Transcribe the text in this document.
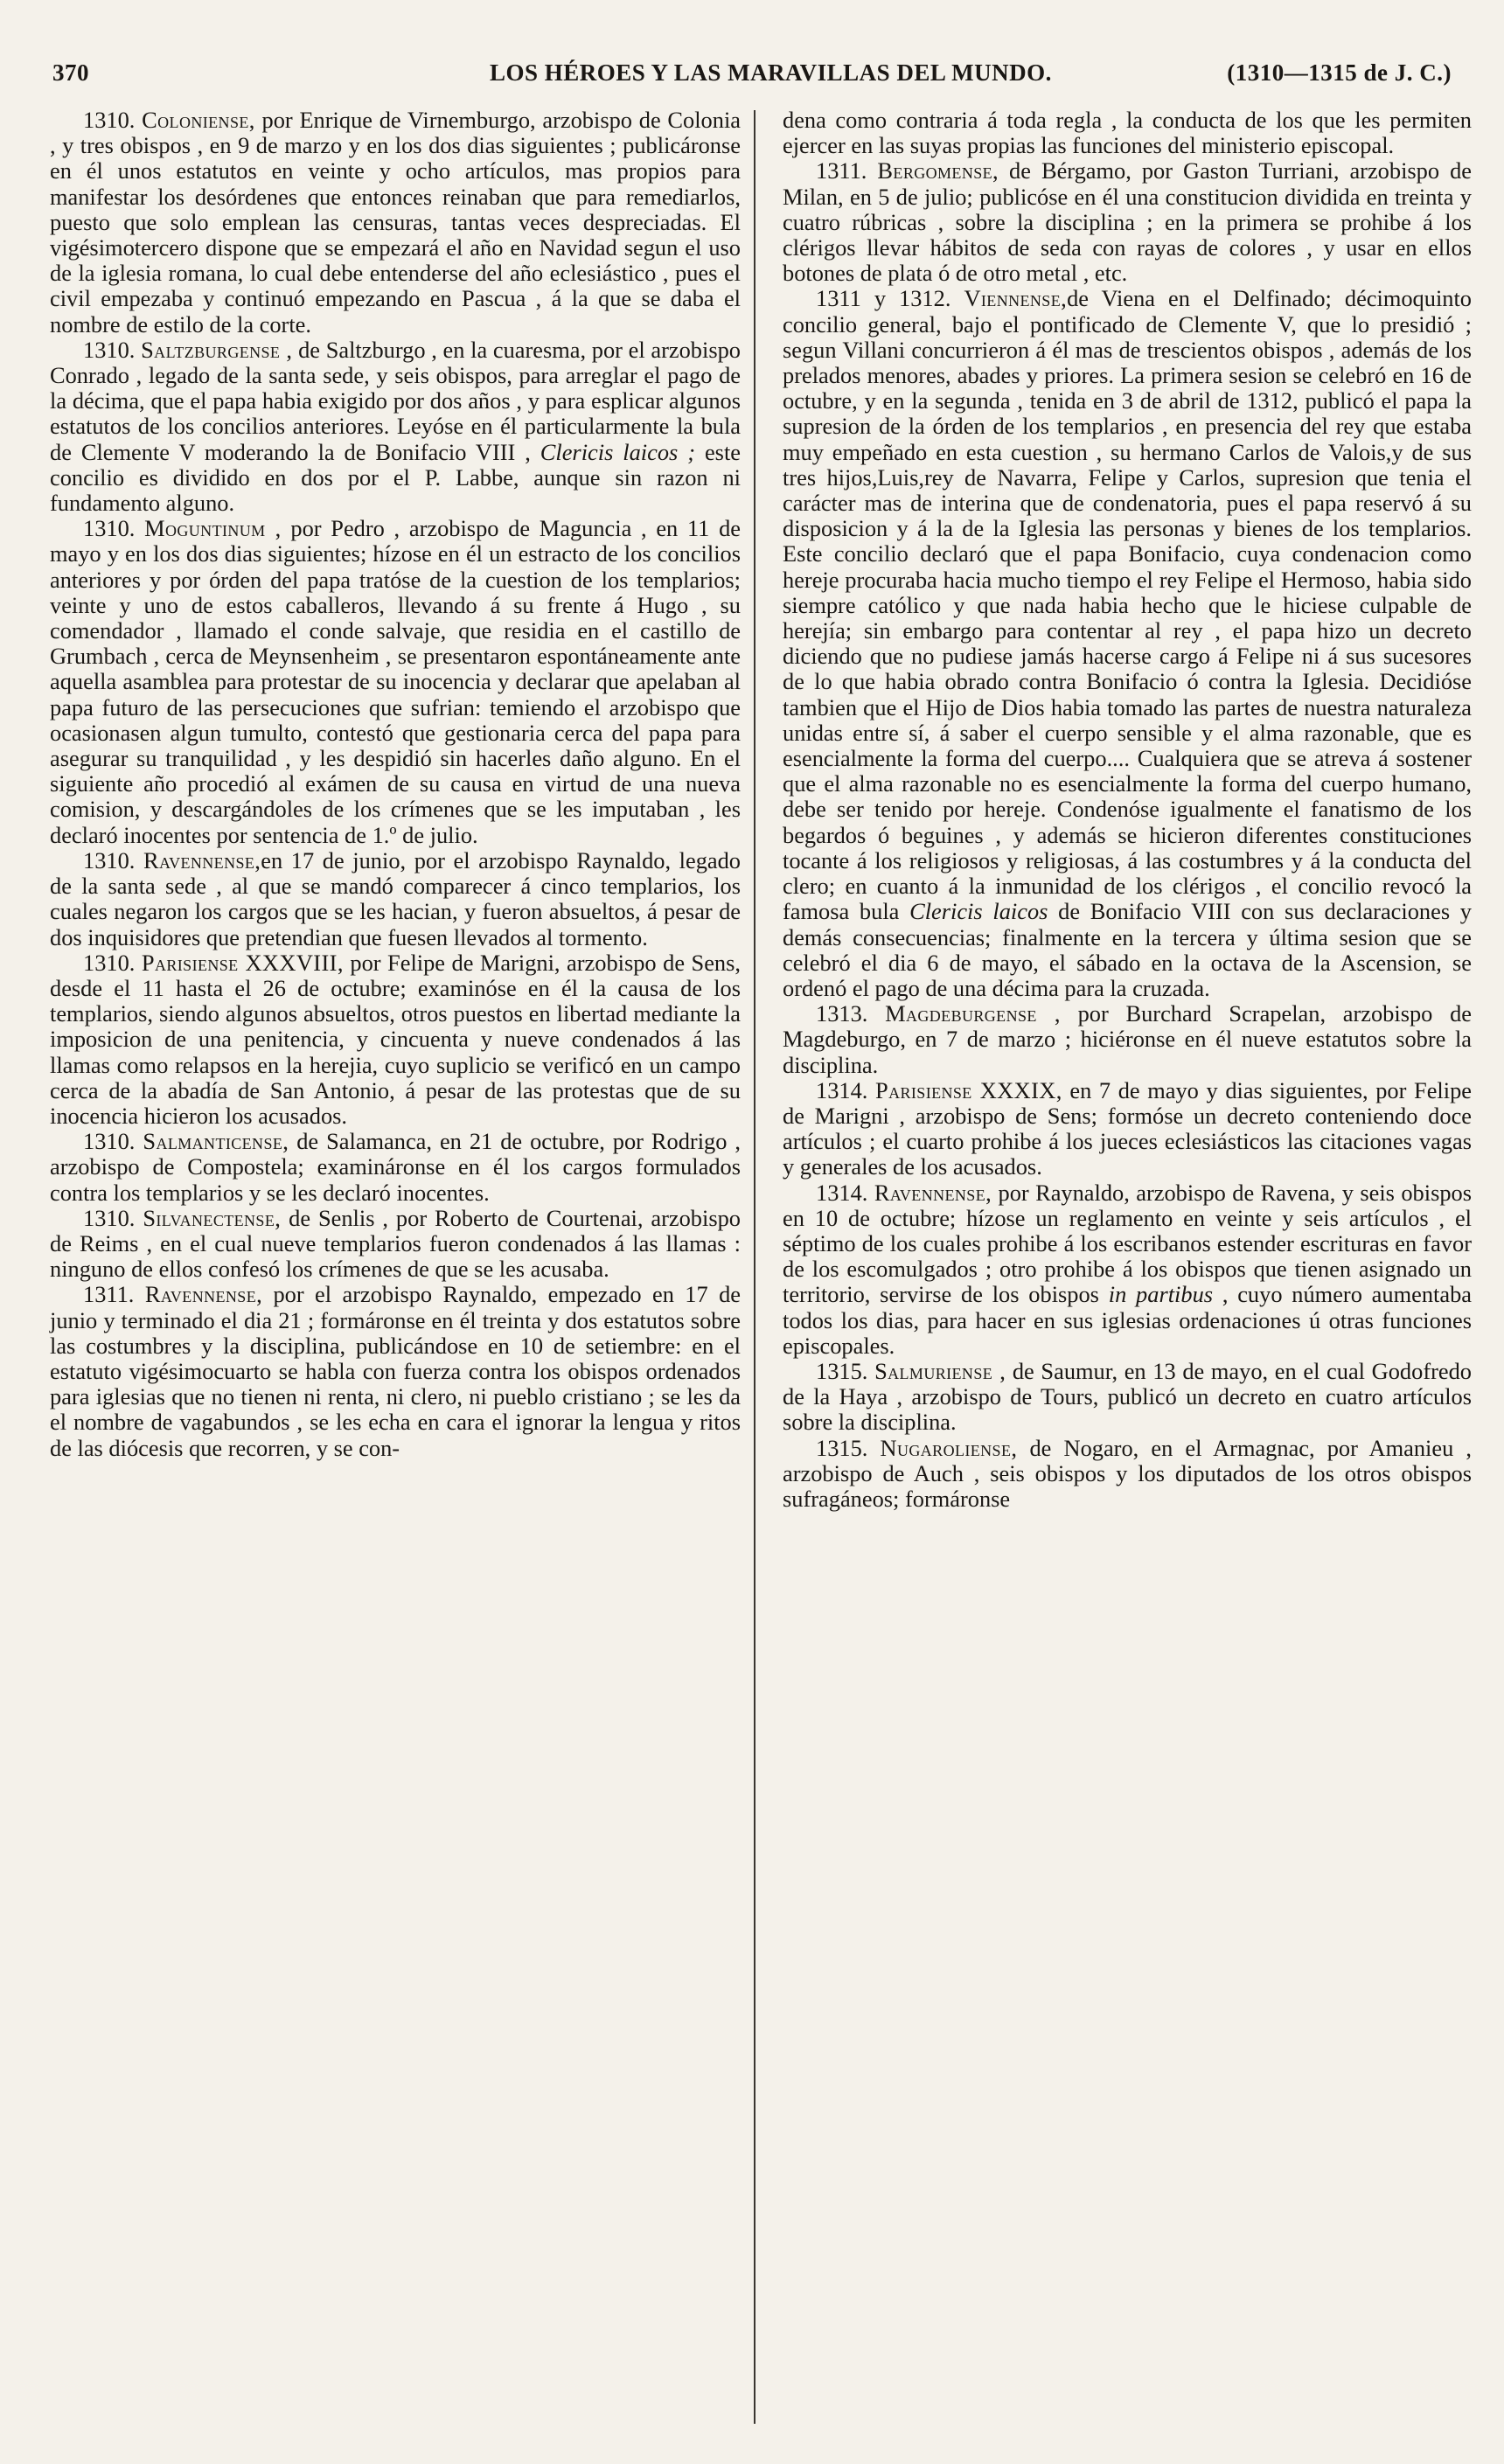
370	LOS HÉROES Y LAS MARAVILLAS DEL MUNDO.	(1310—1315 de J. C.)

1310. Coloniense, por Enrique de Virnemburgo, arzobispo de Colonia , y tres obispos , en 9 de marzo y en los dos dias siguientes ; publicáronse en él unos estatutos en veinte y ocho artículos, mas propios para manifestar los desórdenes que entonces reinaban que para remediarlos, puesto que solo emplean las censuras, tantas veces despreciadas. El vigésimotercero dispone que se empezará el año en Navidad segun el uso de la iglesia romana, lo cual debe entenderse del año eclesiástico , pues el civil empezaba y continuó empezando en Pascua , á la que se daba el nombre de estilo de la corte.

1310. Saltzburgense , de Saltzburgo , en la cuaresma, por el arzobispo Conrado , legado de la santa sede, y seis obispos, para arreglar el pago de la décima, que el papa habia exigido por dos años , y para esplicar algunos estatutos de los concilios anteriores. Leyóse en él particularmente la bula de Clemente V moderando la de Bonifacio VIII , Clericis laicos ; este concilio es dividido en dos por el P. Labbe, aunque sin razon ni fundamento alguno.

1310. Moguntinum , por Pedro , arzobispo de Maguncia , en 11 de mayo y en los dos dias siguientes; hízose en él un estracto de los concilios anteriores y por órden del papa tratóse de la cuestion de los templarios; veinte y uno de estos caballeros, llevando á su frente á Hugo , su comendador , llamado el conde salvaje, que residia en el castillo de Grumbach , cerca de Meynsenheim , se presentaron espontáneamente ante aquella asamblea para protestar de su inocencia y declarar que apelaban al papa futuro de las persecuciones que sufrian: temiendo el arzobispo que ocasionasen algun tumulto, contestó que gestionaria cerca del papa para asegurar su tranquilidad , y les despidió sin hacerles daño alguno. En el siguiente año procedió al exámen de su causa en virtud de una nueva comision, y descargándoles de los crímenes que se les imputaban , les declaró inocentes por sentencia de 1.º de julio.

1310. Ravennense,en 17 de junio, por el arzobispo Raynaldo, legado de la santa sede , al que se mandó comparecer á cinco templarios, los cuales negaron los cargos que se les hacian, y fueron absueltos, á pesar de dos inquisidores que pretendian que fuesen llevados al tormento.

1310. Parisiense XXXVIII, por Felipe de Marigni, arzobispo de Sens, desde el 11 hasta el 26 de octubre; examinóse en él la causa de los templarios, siendo algunos absueltos, otros puestos en libertad mediante la imposicion de una penitencia, y cincuenta y nueve condenados á las llamas como relapsos en la herejia, cuyo suplicio se verificó en un campo cerca de la abadía de San Antonio, á pesar de las protestas que de su inocencia hicieron los acusados.

1310. Salmanticense, de Salamanca, en 21 de octubre, por Rodrigo , arzobispo de Compostela; examináronse en él los cargos formulados contra los templarios y se les declaró inocentes.

1310. Silvanectense, de Senlis , por Roberto de Courtenai, arzobispo de Reims , en el cual nueve templarios fueron condenados á las llamas : ninguno de ellos confesó los crímenes de que se les acusaba.

1311. Ravennense, por el arzobispo Raynaldo, empezado en 17 de junio y terminado el dia 21 ; formáronse en él treinta y dos estatutos sobre las costumbres y la disciplina, publicándose en 10 de setiembre: en el estatuto vigésimocuarto se habla con fuerza contra los obispos ordenados para iglesias que no tienen ni renta, ni clero, ni pueblo cristiano ; se les da el nombre de vagabundos , se les echa en cara el ignorar la lengua y ritos de las diócesis que recorren, y se con-

dena como contraria á toda regla , la conducta de los que les permiten ejercer en las suyas propias las funciones del ministerio episcopal.

1311. Bergomense, de Bérgamo, por Gaston Turriani, arzobispo de Milan, en 5 de julio; publicóse en él una constitucion dividida en treinta y cuatro rúbricas , sobre la disciplina ; en la primera se prohibe á los clérigos llevar hábitos de seda con rayas de colores , y usar en ellos botones de plata ó de otro metal , etc.

1311 y 1312. Viennense,de Viena en el Delfinado; décimoquinto concilio general, bajo el pontificado de Clemente V, que lo presidió ; segun Villani concurrieron á él mas de trescientos obispos , además de los prelados menores, abades y priores. La primera sesion se celebró en 16 de octubre, y en la segunda , tenida en 3 de abril de 1312, publicó el papa la supresion de la órden de los templarios , en presencia del rey que estaba muy empeñado en esta cuestion , su hermano Carlos de Valois,y de sus tres hijos,Luis,rey de Navarra, Felipe y Carlos, supresion que tenia el carácter mas de interina que de condenatoria, pues el papa reservó á su disposicion y á la de la Iglesia las personas y bienes de los templarios. Este concilio declaró que el papa Bonifacio, cuya condenacion como hereje procuraba hacia mucho tiempo el rey Felipe el Hermoso, habia sido siempre católico y que nada habia hecho que le hiciese culpable de herejía; sin embargo para contentar al rey , el papa hizo un decreto diciendo que no pudiese jamás hacerse cargo á Felipe ni á sus sucesores de lo que habia obrado contra Bonifacio ó contra la Iglesia. Decidióse tambien que el Hijo de Dios habia tomado las partes de nuestra naturaleza unidas entre sí, á saber el cuerpo sensible y el alma razonable, que es esencialmente la forma del cuerpo.... Cualquiera que se atreva á sostener que el alma razonable no es esencialmente la forma del cuerpo humano, debe ser tenido por hereje. Condenóse igualmente el fanatismo de los begardos ó beguines , y además se hicieron diferentes constituciones tocante á los religiosos y religiosas, á las costumbres y á la conducta del clero; en cuanto á la inmunidad de los clérigos , el concilio revocó la famosa bula Clericis laicos de Bonifacio VIII con sus declaraciones y demás consecuencias; finalmente en la tercera y última sesion que se celebró el dia 6 de mayo, el sábado en la octava de la Ascension, se ordenó el pago de una décima para la cruzada.

1313. Magdeburgense , por Burchard Scrapelan, arzobispo de Magdeburgo, en 7 de marzo ; hiciéronse en él nueve estatutos sobre la disciplina.

1314. Parisiense XXXIX, en 7 de mayo y dias siguientes, por Felipe de Marigni , arzobispo de Sens; formóse un decreto conteniendo doce artículos ; el cuarto prohibe á los jueces eclesiásticos las citaciones vagas y generales de los acusados.

1314. Ravennense, por Raynaldo, arzobispo de Ravena, y seis obispos en 10 de octubre; hízose un reglamento en veinte y seis artículos , el séptimo de los cuales prohibe á los escribanos estender escrituras en favor de los escomulgados ; otro prohibe á los obispos que tienen asignado un territorio, servirse de los obispos in partibus , cuyo número aumentaba todos los dias, para hacer en sus iglesias ordenaciones ú otras funciones episcopales.

1315. Salmuriense , de Saumur, en 13 de mayo, en el cual Godofredo de la Haya , arzobispo de Tours, publicó un decreto en cuatro artículos sobre la disciplina.

1315. Nugaroliense, de Nogaro, en el Armagnac, por Amanieu , arzobispo de Auch , seis obispos y los diputados de los otros obispos sufragáneos; formáronse
